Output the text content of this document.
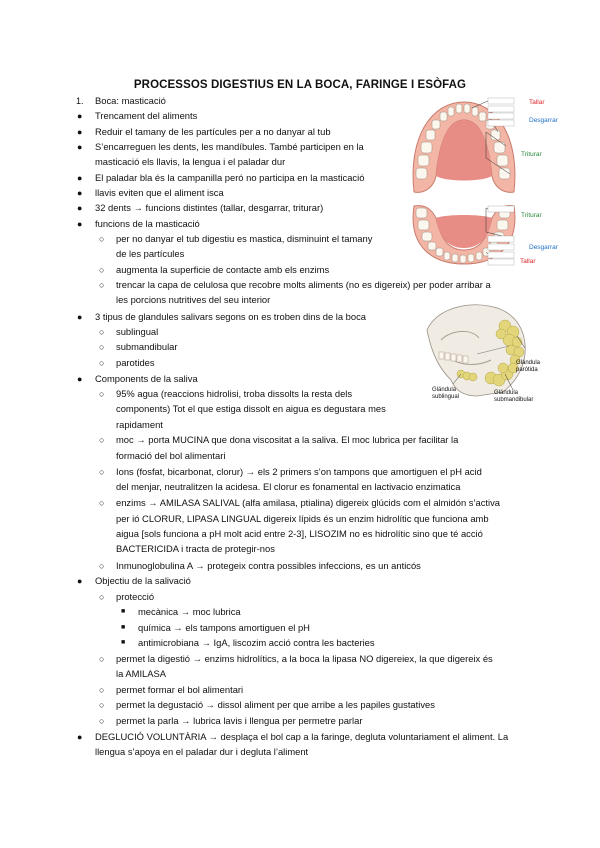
PROCESSOS DIGESTIUS EN LA BOCA, FARINGE I ESÒFAG
1. Boca: masticació
● Trencament del aliments
● Reduir el tamany de les partícules per a no danyar al tub
● S’encarreguen les dents, les mandíbules. També participen en la
masticació els llavis, la lengua i el paladar dur
● El paladar bla és la campanilla peró no participa en la masticació
● llavis eviten que el aliment isca
● 32 dents → funcions distintes (tallar, desgarrar, triturar)
● funcions de la masticació
○ per no danyar el tub digestiu es mastica, disminuint el tamany
de les partícules
○ augmenta la superficie de contacte amb els enzims
○ trencar la capa de celulosa que recobre molts aliments (no es digereix) per poder arribar a
les porcions nutritives del seu interior
● 3 tipus de glandules salivars segons on es troben dins de la boca
○ sublingual
○ submandibular
○ parotides
● Components de la saliva
○ 95% agua (reaccions hidrolisi, troba dissolts la resta dels
components) Tot el que estiga dissolt en aigua es degustara mes
rapidament
○ moc → porta MUCINA que dona viscositat a la saliva. El moc lubrica per facilitar la
formació del bol alimentari
○ Ions (fosfat, bicarbonat, clorur) → els 2 primers s’on tampons que amortiguen el pH acid
del menjar, neutralitzen la acidesa. El clorur es fonamental en lactivacio enzimatica
○ enzims → AMILASA SALIVAL (alfa amilasa, ptialina) digereix glúcids com el almidón s’activa
per ió CLORUR, LIPASA LINGUAL digereix lípids és un enzim hidrolític que funciona amb
aigua [sols funciona a pH molt acid entre 2-3], LISOZIM no es hidrolític sino que té acció
BACTERICIDA i tracta de protegir-nos
○ Inmunoglobulina A → protegeix contra possibles infeccions, es un anticós
● Objectiu de la salivació
○ protecció
■ mecànica → moc lubrica
■ química → els tampons amortiguen el pH
■ antimicrobiana → IgA, liscozim acció contra les bacteries
○ permet la digestió → enzims hidrolítics, a la boca la lipasa NO digereiex, la que digereix és
la AMILASA
○ permet formar el bol alimentari
○ permet la degustació → dissol aliment per que arribe a les papiles gustatives
○ permet la parla → lubrica lavis i llengua per permetre parlar
● DEGLUCIÓ VOLUNTÀRIA → desplaça el bol cap a la faringe, degluta voluntariament el aliment. La
llengua s’apoya en el paladar dur i degluta l’aliment
Tallar
Desgarrar
Triturar
Triturar
Desgarrar
Tallar
Glándula parótida
Glándula sublingual
Glándula submandibular
